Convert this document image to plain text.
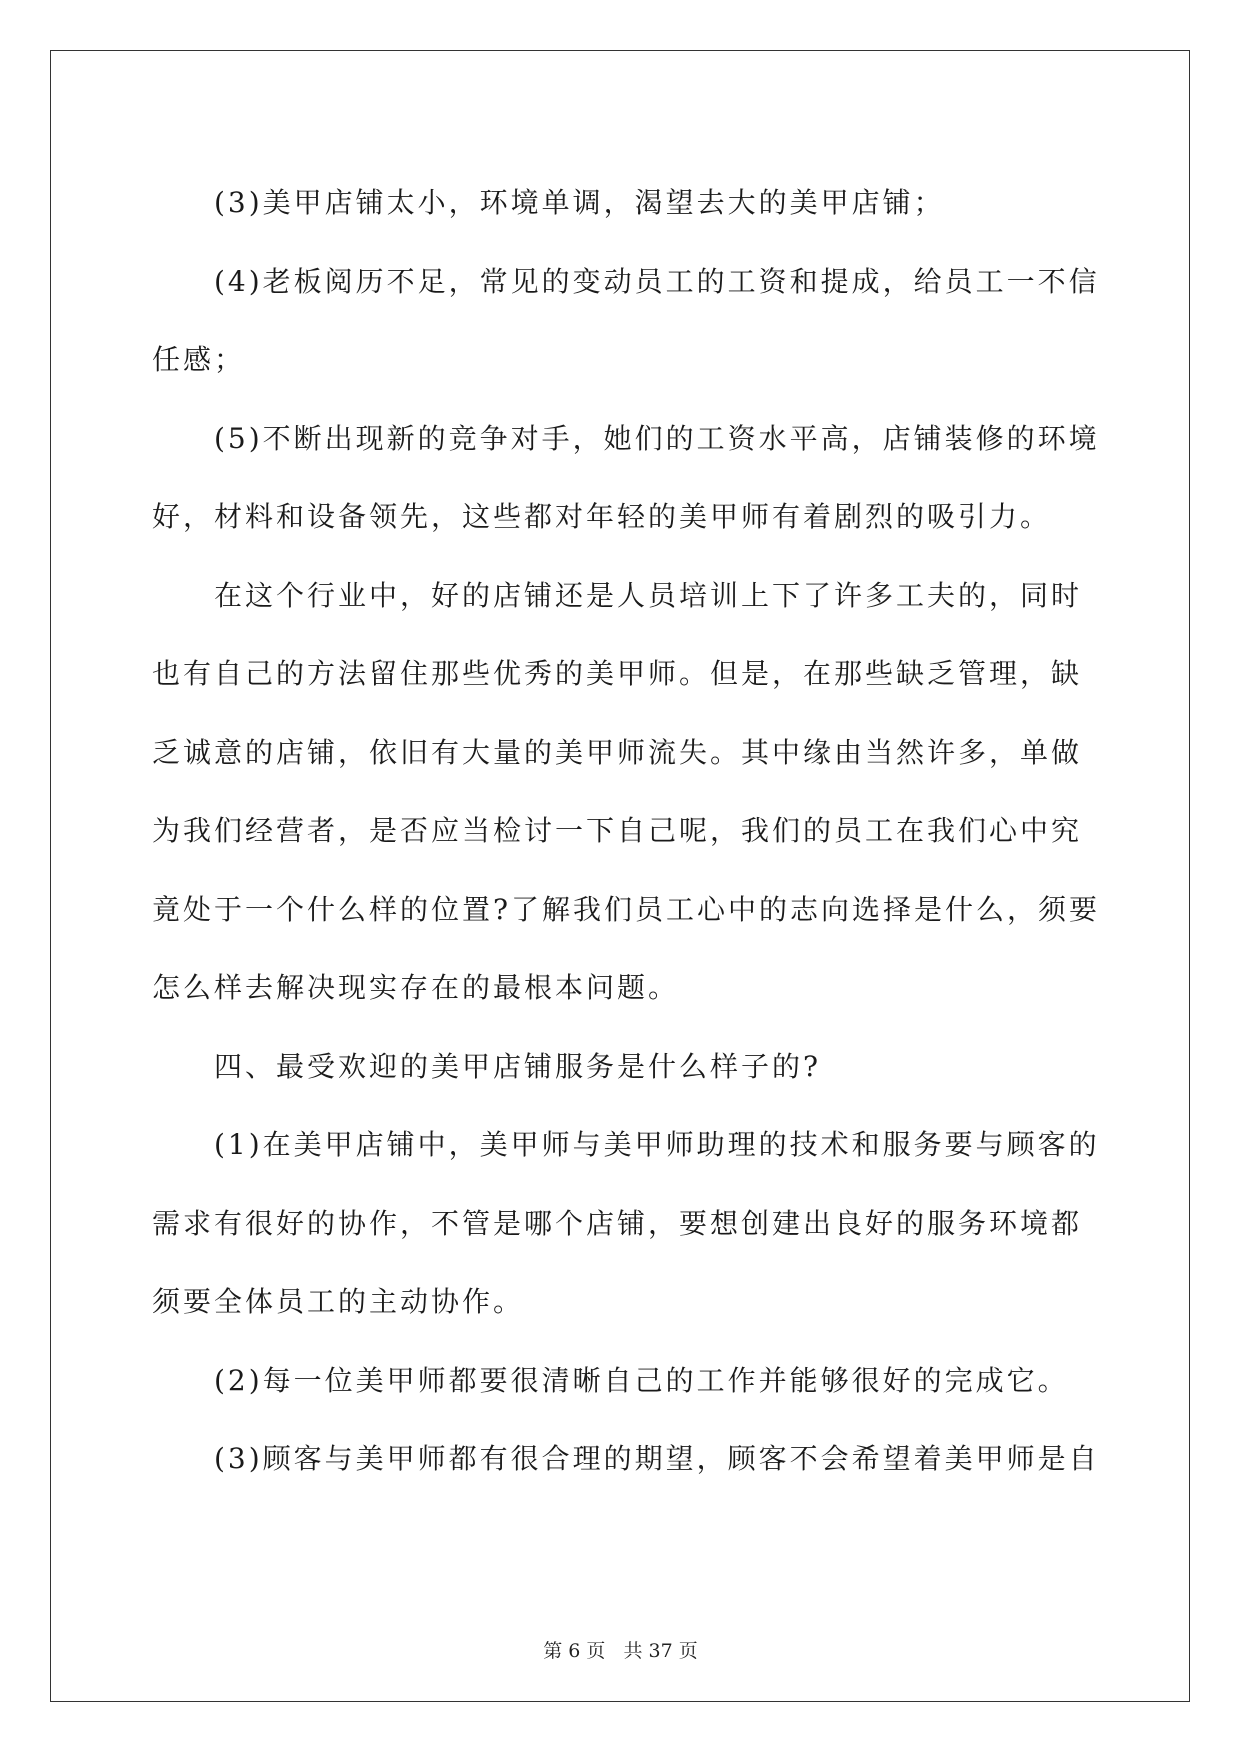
(3)美甲店铺太小，环境单调，渴望去大的美甲店铺；
(4)老板阅历不足，常见的变动员工的工资和提成，给员工一不信
任感；
(5)不断出现新的竞争对手，她们的工资水平高，店铺装修的环境
好，材料和设备领先，这些都对年轻的美甲师有着剧烈的吸引力。
在这个行业中，好的店铺还是人员培训上下了许多工夫的，同时
也有自己的方法留住那些优秀的美甲师。但是，在那些缺乏管理，缺
乏诚意的店铺，依旧有大量的美甲师流失。其中缘由当然许多，单做
为我们经营者，是否应当检讨一下自己呢，我们的员工在我们心中究
竟处于一个什么样的位置?了解我们员工心中的志向选择是什么，须要
怎么样去解决现实存在的最根本问题。
四、最受欢迎的美甲店铺服务是什么样子的?
(1)在美甲店铺中，美甲师与美甲师助理的技术和服务要与顾客的
需求有很好的协作，不管是哪个店铺，要想创建出良好的服务环境都
须要全体员工的主动协作。
(2)每一位美甲师都要很清晰自己的工作并能够很好的完成它。
(3)顾客与美甲师都有很合理的期望，顾客不会希望着美甲师是自
第 6 页 共 37 页
